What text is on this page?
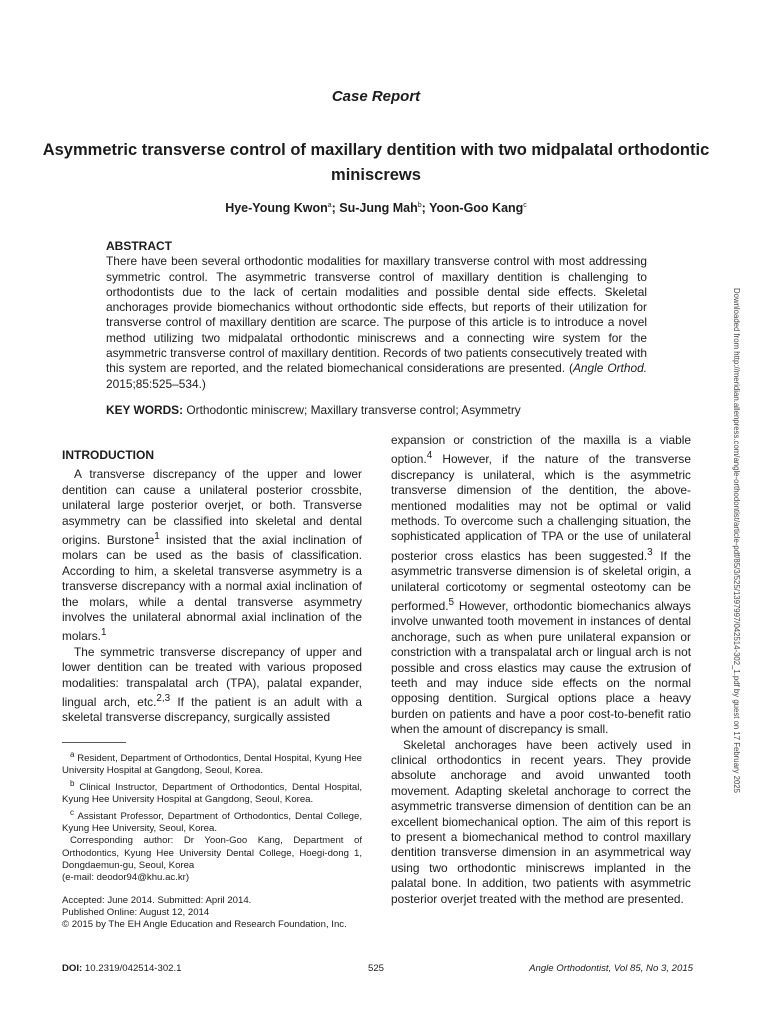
Case Report
Asymmetric transverse control of maxillary dentition with two midpalatal orthodontic miniscrews
Hye-Young Kwon$^a$; Su-Jung Mah$^b$; Yoon-Goo Kang$^c$
ABSTRACT

There have been several orthodontic modalities for maxillary transverse control with most addressing symmetric control. The asymmetric transverse control of maxillary dentition is challenging to orthodontists due to the lack of certain modalities and possible dental side effects. Skeletal anchorages provide biomechanics without orthodontic side effects, but reports of their utilization for transverse control of maxillary dentition are scarce. The purpose of this article is to introduce a novel method utilizing two midpalatal orthodontic miniscrews and a connecting wire system for the asymmetric transverse control of maxillary dentition. Records of two patients consecutively treated with this system are reported, and the related biomechanical considerations are presented. (Angle Orthod. 2015;85:525–534.)

KEY WORDS: Orthodontic miniscrew; Maxillary transverse control; Asymmetry
INTRODUCTION

A transverse discrepancy of the upper and lower dentition can cause a unilateral posterior crossbite, unilateral large posterior overjet, or both. Transverse asymmetry can be classified into skeletal and dental origins. Burstone$^1$ insisted that the axial inclination of molars can be used as the basis of classification. According to him, a skeletal transverse asymmetry is a transverse discrepancy with a normal axial inclination of the molars, while a dental transverse asymmetry involves the unilateral abnormal axial inclination of the molars.$^1$

The symmetric transverse discrepancy of upper and lower dentition can be treated with various proposed modalities: transpalatal arch (TPA), palatal expander, lingual arch, etc.$^{2,3}$ If the patient is an adult with a skeletal transverse discrepancy, surgically assisted

$^a$ Resident, Department of Orthodontics, Dental Hospital, Kyung Hee University Hospital at Gangdong, Seoul, Korea.

$^b$ Clinical Instructor, Department of Orthodontics, Dental Hospital, Kyung Hee University Hospital at Gangdong, Seoul, Korea.

$^c$ Assistant Professor, Department of Orthodontics, Dental College, Kyung Hee University, Seoul, Korea.

Corresponding author: Dr Yoon-Goo Kang, Department of Orthodontics, Kyung Hee University Dental College, Hoegi-dong 1, Dongdaemun-gu, Seoul, Korea

(e-mail: deodor94@khu.ac.kr)

Accepted: June 2014. Submitted: April 2014.

Published Online: August 12, 2014

© 2015 by The EH Angle Education and Research Foundation, Inc.

expansion or constriction of the maxilla is a viable option.$^4$ However, if the nature of the transverse discrepancy is unilateral, which is the asymmetric transverse dimension of the dentition, the above-mentioned modalities may not be optimal or valid methods. To overcome such a challenging situation, the sophisticated application of TPA or the use of unilateral posterior cross elastics has been suggested.$^3$ If the asymmetric transverse dimension is of skeletal origin, a unilateral corticotomy or segmental osteotomy can be performed.$^5$ However, orthodontic biomechanics always involve unwanted tooth movement in instances of dental anchorage, such as when pure unilateral expansion or constriction with a transpalatal arch or lingual arch is not possible and cross elastics may cause the extrusion of teeth and may induce side effects on the normal opposing dentition. Surgical options place a heavy burden on patients and have a poor cost-to-benefit ratio when the amount of discrepancy is small.

Skeletal anchorages have been actively used in clinical orthodontics in recent years. They provide absolute anchorage and avoid unwanted tooth movement. Adapting skeletal anchorage to correct the asymmetric transverse dimension of dentition can be an excellent biomechanical option. The aim of this report is to present a biomechanical method to control maxillary dentition transverse dimension in an asymmetrical way using two orthodontic miniscrews implanted in the palatal bone. In addition, two patients with asymmetric posterior overjet treated with the method are presented.

DOI: 10.2319/042514-302.1	525	Angle Orthodontist, Vol 85, No 3, 2015
Downloaded from http://meridian.allenpress.com/angle-orthodontist/article-pdf/85/3/525/1397997/042514-302_1.pdf by guest on 17 February 2025
